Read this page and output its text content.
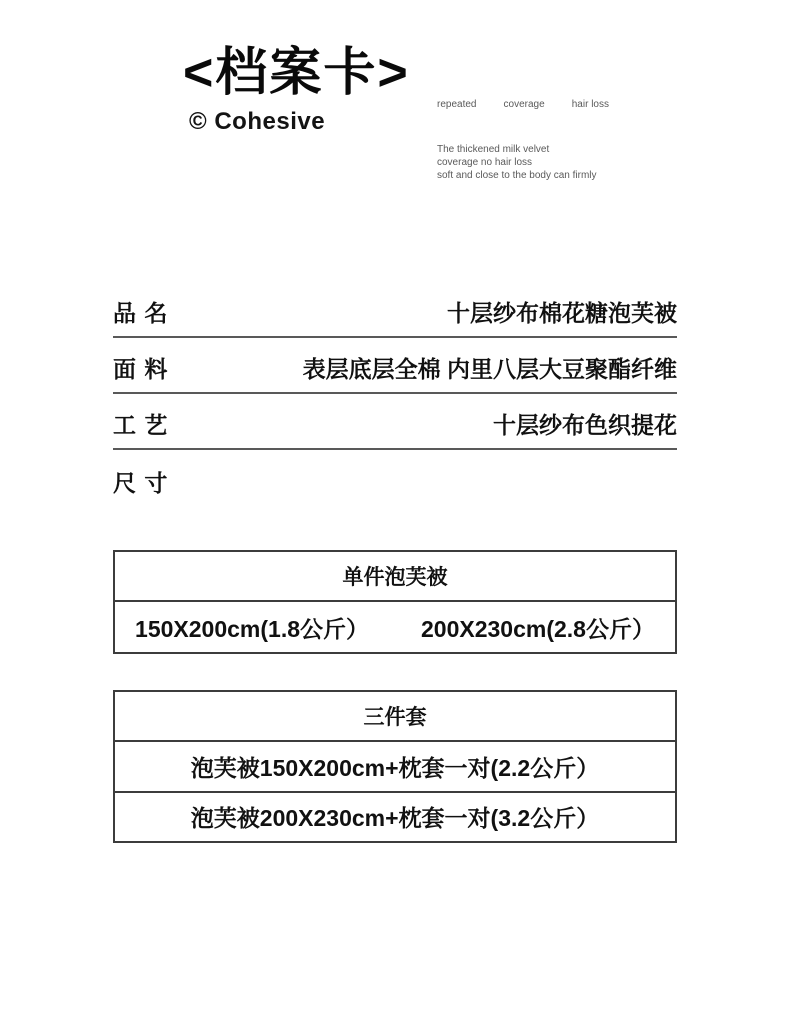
<档案卡>
© Cohesive
repeated	coverage	hair loss
The thickened milk velvet
coverage no hair loss
soft and close to the body can firmly
品 名	十层纱布棉花糖泡芙被
面 料	表层底层全棉 内里八层大豆聚酯纤维
工 艺	十层纱布色织提花
尺 寸
单件泡芙被
150X200cm(1.8公斤） 200X230cm(2.8公斤）
三件套
泡芙被150X200cm+枕套一对(2.2公斤）
泡芙被200X230cm+枕套一对(3.2公斤）
